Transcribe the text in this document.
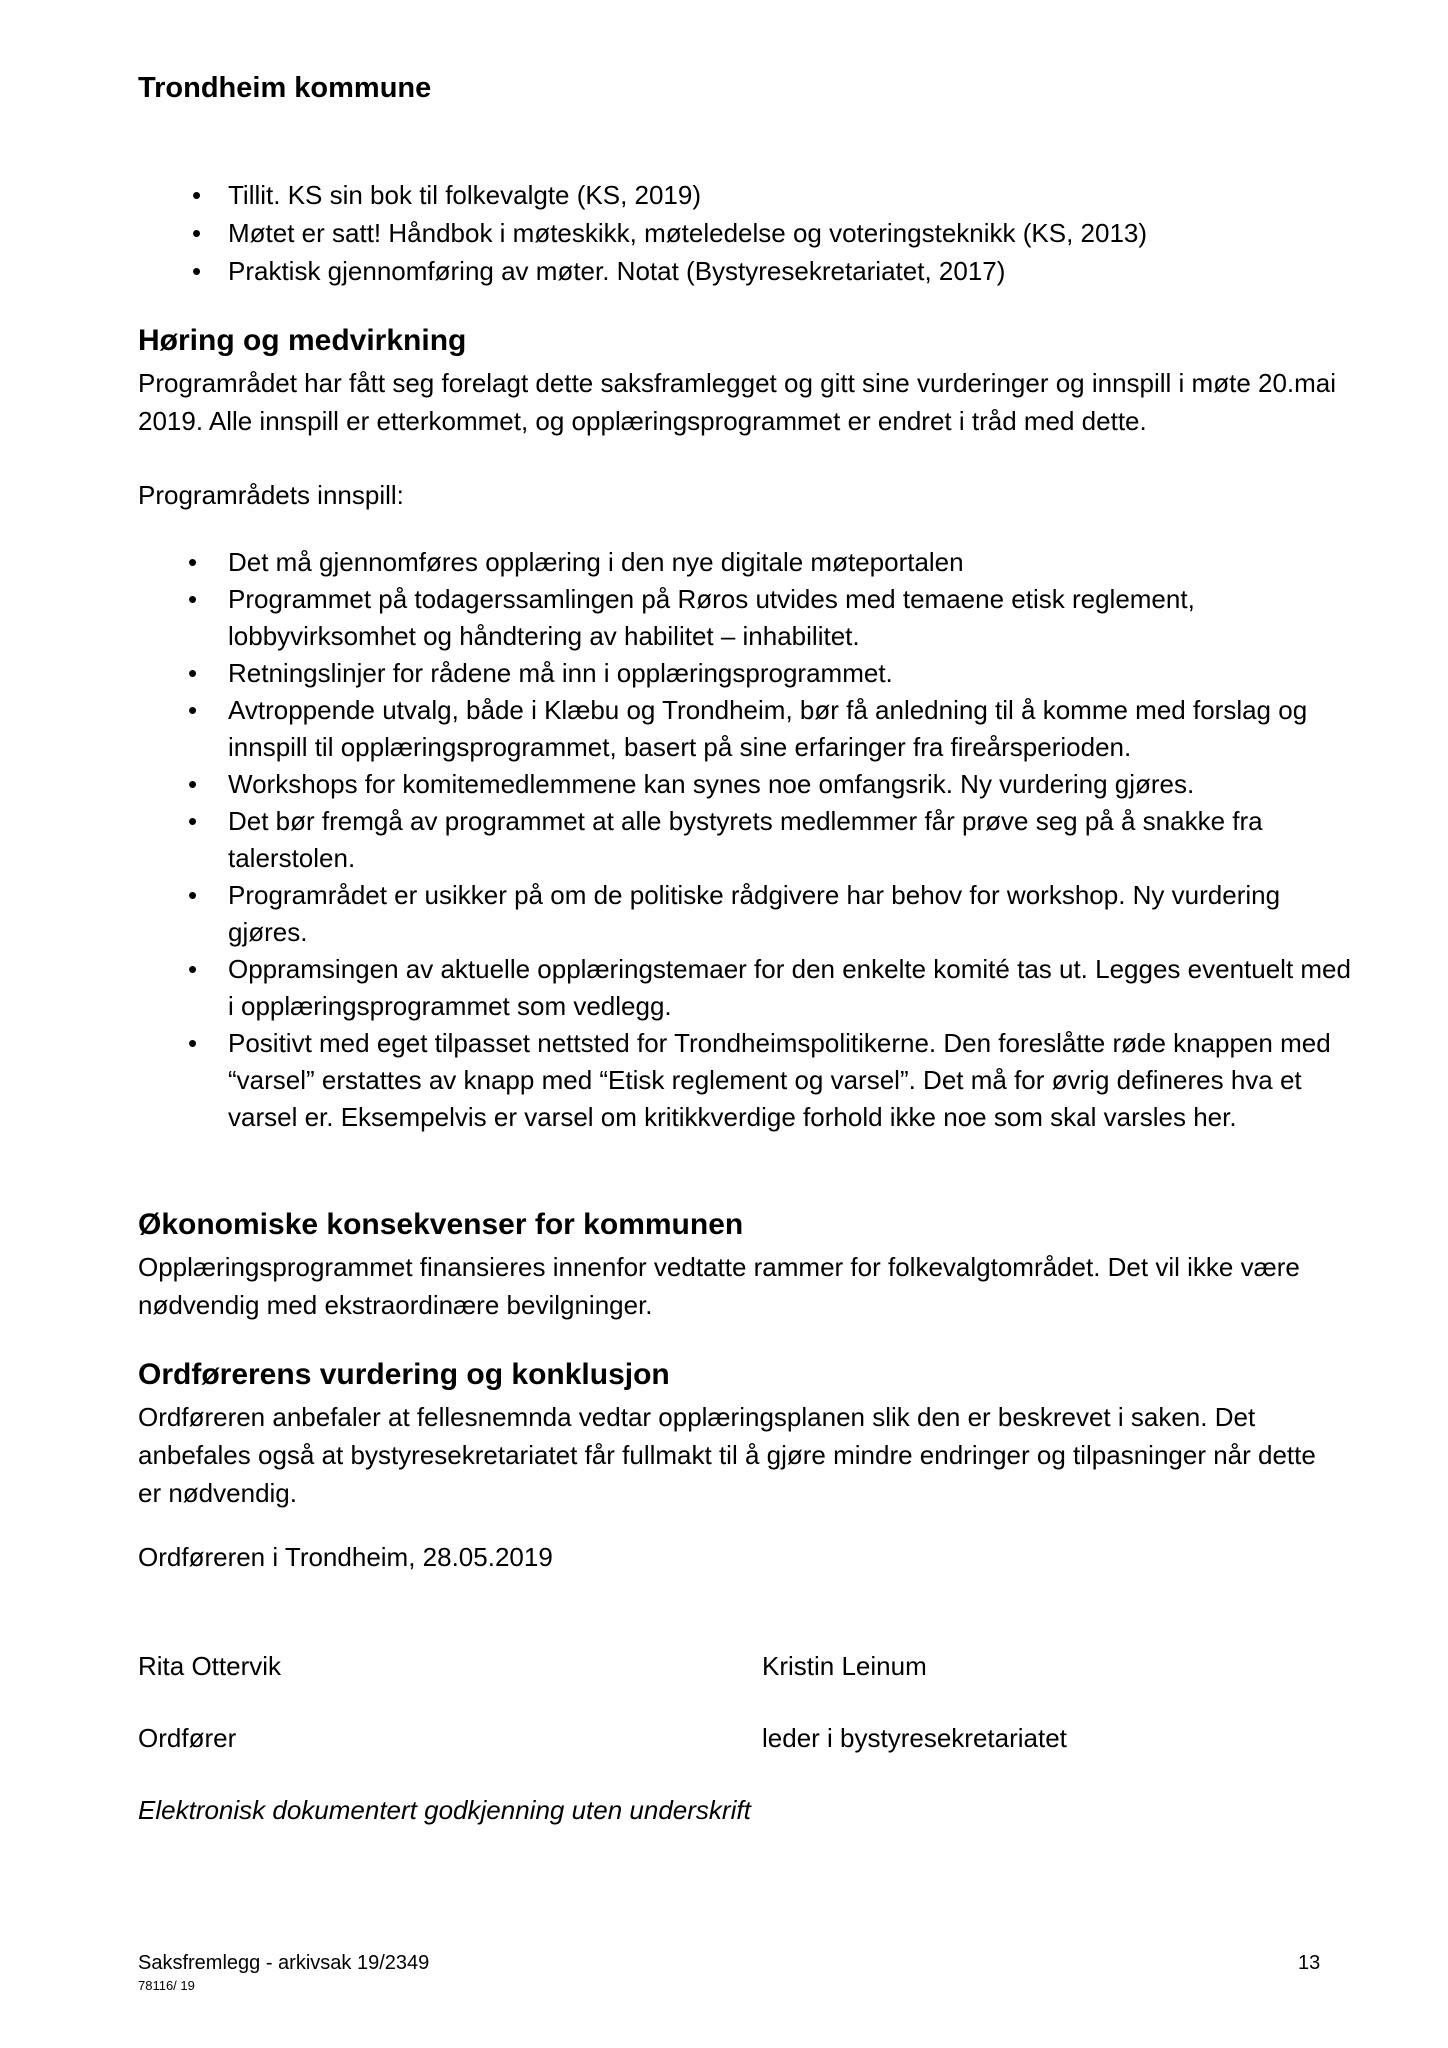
Trondheim kommune
• Tillit. KS sin bok til folkevalgte (KS, 2019)
• Møtet er satt! Håndbok i møteskikk, møteledelse og voteringsteknikk (KS, 2013)
• Praktisk gjennomføring av møter. Notat (Bystyresekretariatet, 2017)
Høring og medvirkning

Programrådet har fått seg forelagt dette saksframlegget og gitt sine vurderinger og innspill i møte 20.mai 2019. Alle innspill er etterkommet, og opplæringsprogrammet er endret i tråd med dette.

Programrådets innspill:

• Det må gjennomføres opplæring i den nye digitale møteportalen
• Programmet på todagerssamlingen på Røros utvides med temaene etisk reglement, lobbyvirksomhet og håndtering av habilitet – inhabilitet.
• Retningslinjer for rådene må inn i opplæringsprogrammet.
• Avtroppende utvalg, både i Klæbu og Trondheim, bør få anledning til å komme med forslag og innspill til opplæringsprogrammet, basert på sine erfaringer fra fireårsperioden.
• Workshops for komitemedlemmene kan synes noe omfangsrik. Ny vurdering gjøres.
• Det bør fremgå av programmet at alle bystyrets medlemmer får prøve seg på å snakke fra talerstolen.
• Programrådet er usikker på om de politiske rådgivere har behov for workshop. Ny vurdering gjøres.
• Oppramsingen av aktuelle opplæringstemaer for den enkelte komité tas ut. Legges eventuelt med i opplæringsprogrammet som vedlegg.
• Positivt med eget tilpasset nettsted for Trondheimspolitikerne. Den foreslåtte røde knappen med “varsel” erstattes av knapp med “Etisk reglement og varsel”. Det må for øvrig defineres hva et varsel er. Eksempelvis er varsel om kritikkverdige forhold ikke noe som skal varsles her.
Økonomiske konsekvenser for kommunen

Opplæringsprogrammet finansieres innenfor vedtatte rammer for folkevalgtområdet. Det vil ikke være nødvendig med ekstraordinære bevilgninger.

Ordførerens vurdering og konklusjon

Ordføreren anbefaler at fellesnemnda vedtar opplæringsplanen slik den er beskrevet i saken. Det anbefales også at bystyresekretariatet får fullmakt til å gjøre mindre endringer og tilpasninger når dette er nødvendig.

Ordføreren i Trondheim, 28.05.2019

Rita Ottervik	Kristin Leinum
Ordfører	leder i bystyresekretariatet
Elektronisk dokumentert godkjenning uten underskrift
Saksfremlegg - arkivsak 19/2349
78116/ 19
13
